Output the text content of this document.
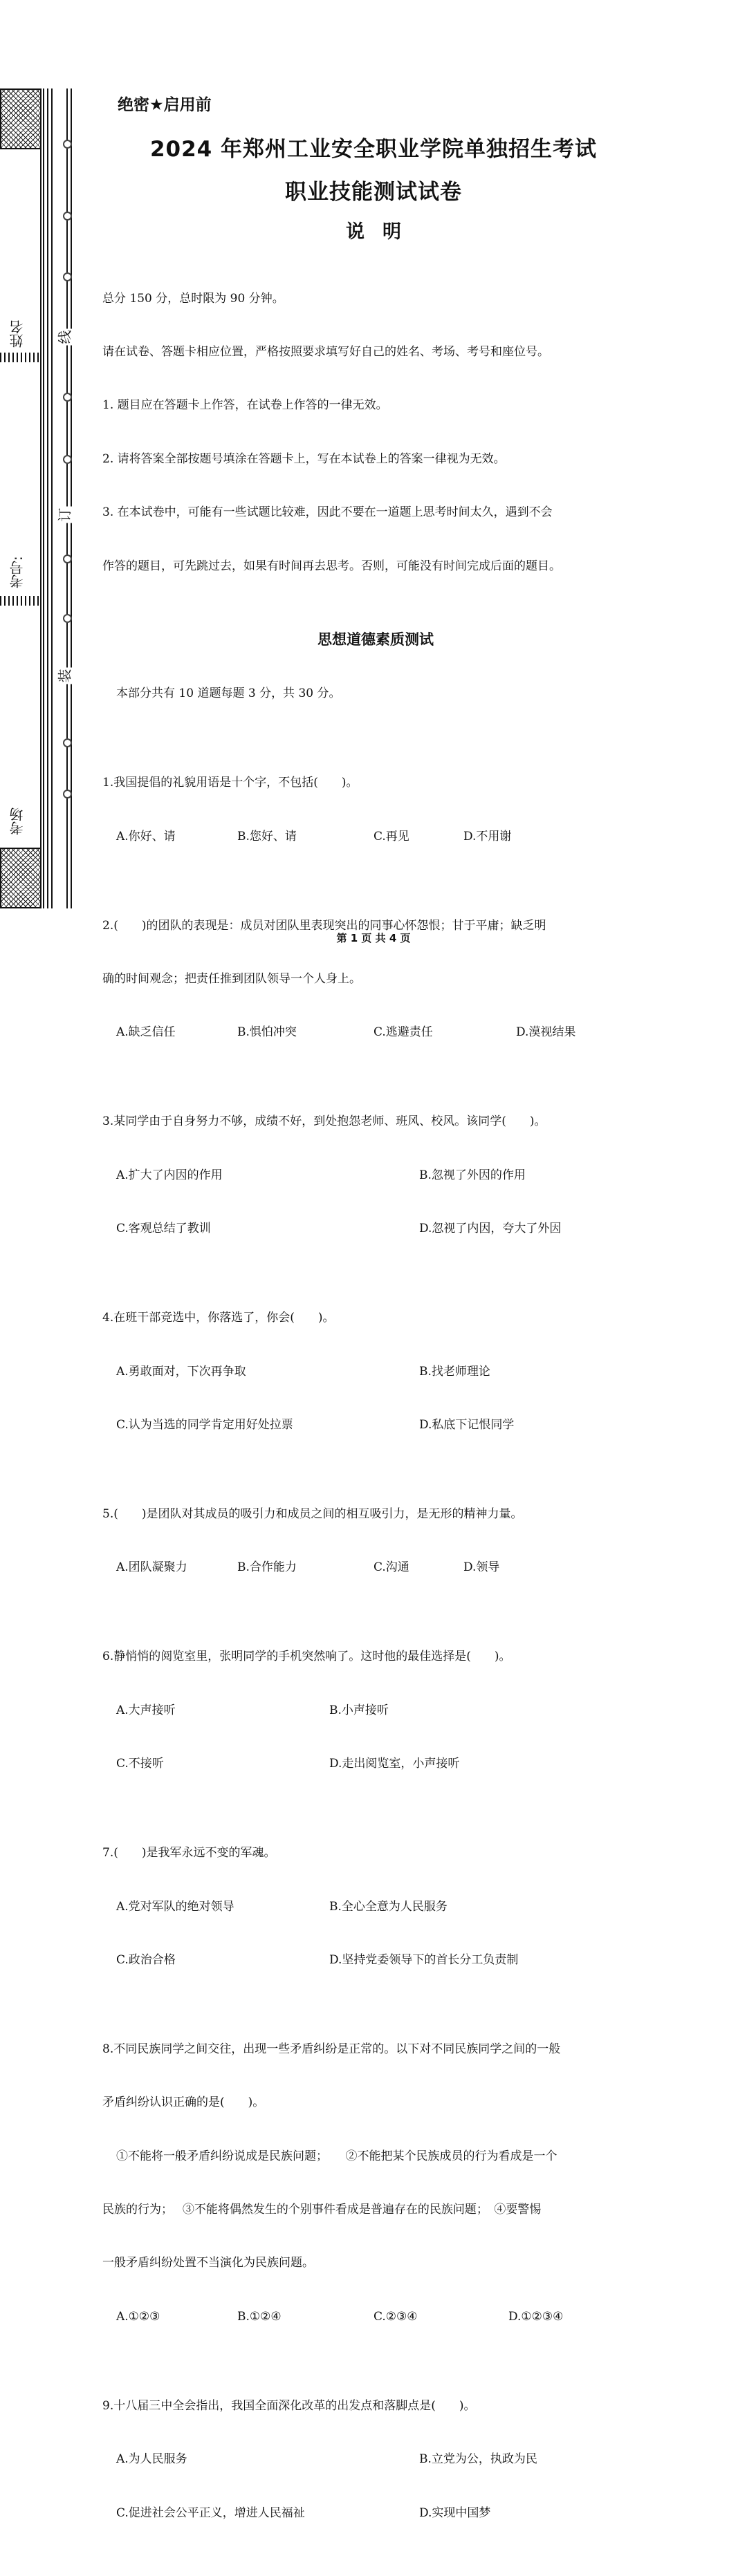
姓名
考号:
考场
线
订
装
绝密★启用前
2024 年郑州工业安全职业学院单独招生考试
职业技能测试试卷
说明

总分 150 分，总时限为 90 分钟。

请在试卷、答题卡相应位置，严格按照要求填写好自己的姓名、考场、考号和座位号。

1. 题目应在答题卡上作答，在试卷上作答的一律无效。

2. 请将答案全部按题号填涂在答题卡上，写在本试卷上的答案一律视为无效。

3. 在本试卷中，可能有一些试题比较难，因此不要在一道题上思考时间太久，遇到不会

作答的题目，可先跳过去，如果有时间再去思考。否则，可能没有时间完成后面的题目。

思想道德素质测试

本部分共有 10 道题每题 3 分，共 30 分。

1.我国提倡的礼貌用语是十个字，不包括(　　)。

A.你好、请

	B.您好、请

	C.再见

	D.不用谢

2.(　　)的团队的表现是：成员对团队里表现突出的同事心怀怨恨；甘于平庸；缺乏明

确的时间观念；把责任推到团队领导一个人身上。

A.缺乏信任

	B.惧怕冲突

	C.逃避责任

	D.漠视结果

3.某同学由于自身努力不够，成绩不好，到处抱怨老师、班风、校风。该同学(　　)。

A.扩大了内因的作用

	B.忽视了外因的作用

C.客观总结了教训

	D.忽视了内因，夸大了外因

4.在班干部竞选中，你落选了，你会(　　)。

A.勇敢面对，下次再争取

	B.找老师理论

C.认为当选的同学肯定用好处拉票

	D.私底下记恨同学

5.(　　)是团队对其成员的吸引力和成员之间的相互吸引力，是无形的精神力量。

A.团队凝聚力

	B.合作能力

	C.沟通

	D.领导

6.静悄悄的阅览室里，张明同学的手机突然响了。这时他的最佳选择是(　　)。

A.大声接听

	B.小声接听

C.不接听

	D.走出阅览室，小声接听

7.(　　)是我军永远不变的军魂。

A.党对军队的绝对领导

	B.全心全意为人民服务

C.政治合格

	D.坚持党委领导下的首长分工负责制

8.不同民族同学之间交往，出现一些矛盾纠纷是正常的。以下对不同民族同学之间的一般

矛盾纠纷认识正确的是(　　)。

①不能将一般矛盾纠纷说成是民族问题；　　②不能把某个民族成员的行为看成是一个

民族的行为；　 ③不能将偶然发生的个别事件看成是普遍存在的民族问题；　④要警惕

一般矛盾纠纷处置不当演化为民族问题。

A.①②③

	B.①②④

	C.②③④

	D.①②③④

9.十八届三中全会指出，我国全面深化改革的出发点和落脚点是(　　)。

A.为人民服务

	B.立党为公，执政为民

C.促进社会公平正义，增进人民福祉

	D.实现中国梦

第 1 页 共 4 页
